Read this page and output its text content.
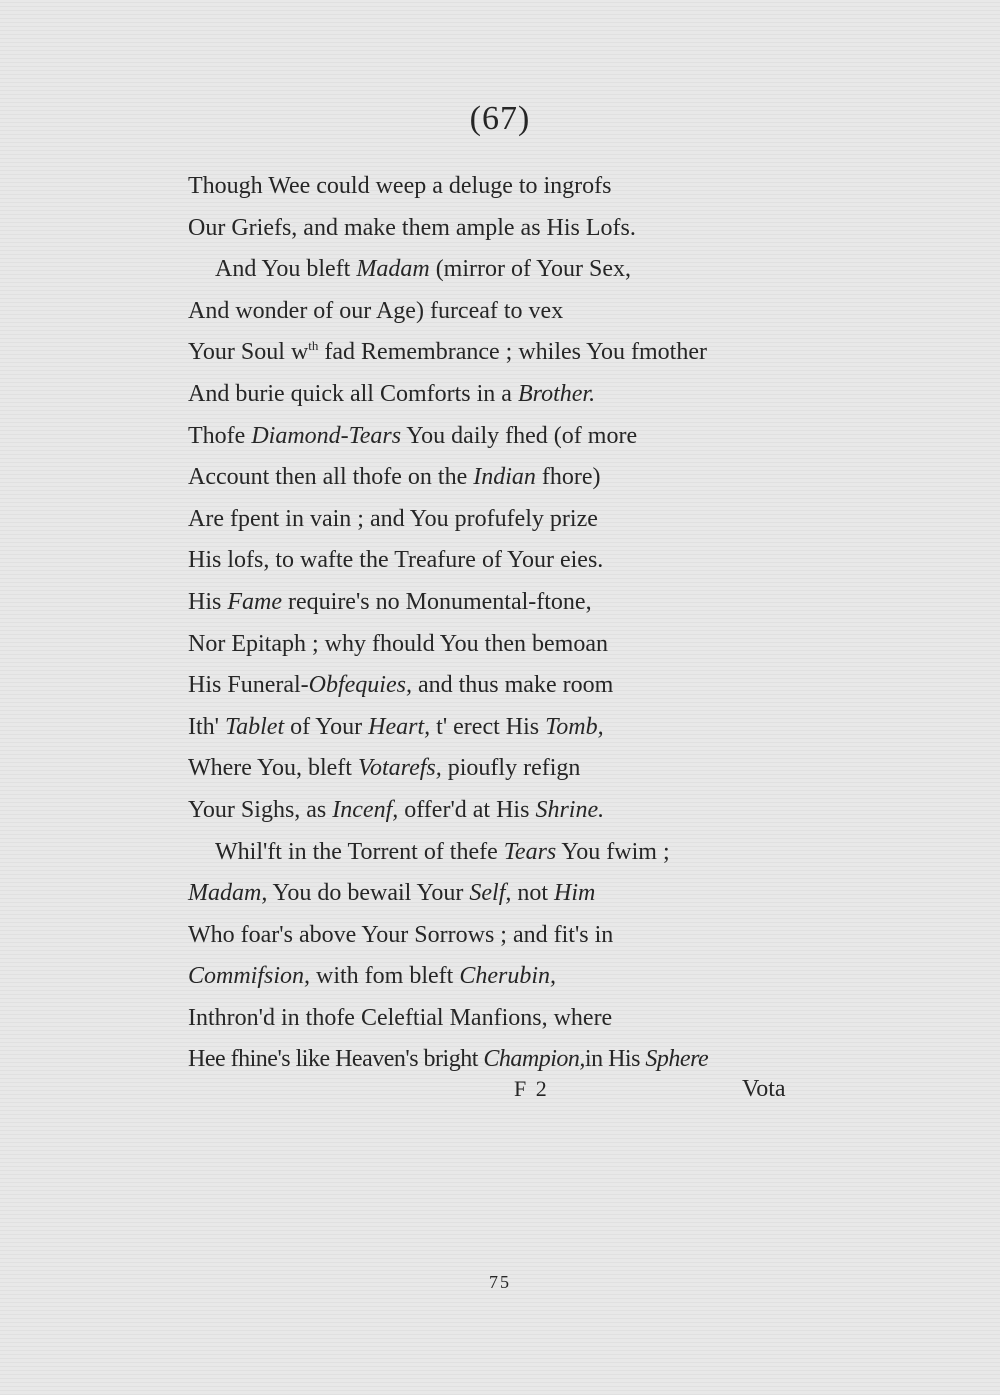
(67)
Though Wee could weep a deluge to ingrofs
Our Griefs, and make them ample as His Lofs.
And You bleft Madam (mirror of Your Sex,
And wonder of our Age) furceaf to vex
Your Soul $w^{th}$ fad Remembrance ; whiles You fmother
And burie quick all Comforts in a Brother.
Thofe Diamond-Tears You daily fhed (of more
Account then all thofe on the Indian fhore)
Are fpent in vain ; and You profufely prize
His lofs, to wafte the Treafure of Your eies.
His Fame require's no Monumental-ftone,
Nor Epitaph ; why fhould You then bemoan
His Funeral-Obfequies, and thus make room
Ith' Tablet of Your Heart, t' erect His Tomb,
Where You, bleft Votarefs, pioufly refign
Your Sighs, as Incenf, offer'd at His Shrine.
Whil'ft in the Torrent of thefe Tears You fwim ;
Madam, You do bewail Your Self, not Him
Who foar's above Your Sorrows ; and fit's in
Commifsion, with fom bleft Cherubin,
Inthron'd in thofe Celeftial Manfions, where
Hee fhine's like Heaven's bright Champion,in His Sphere
F 2	Vota
75
